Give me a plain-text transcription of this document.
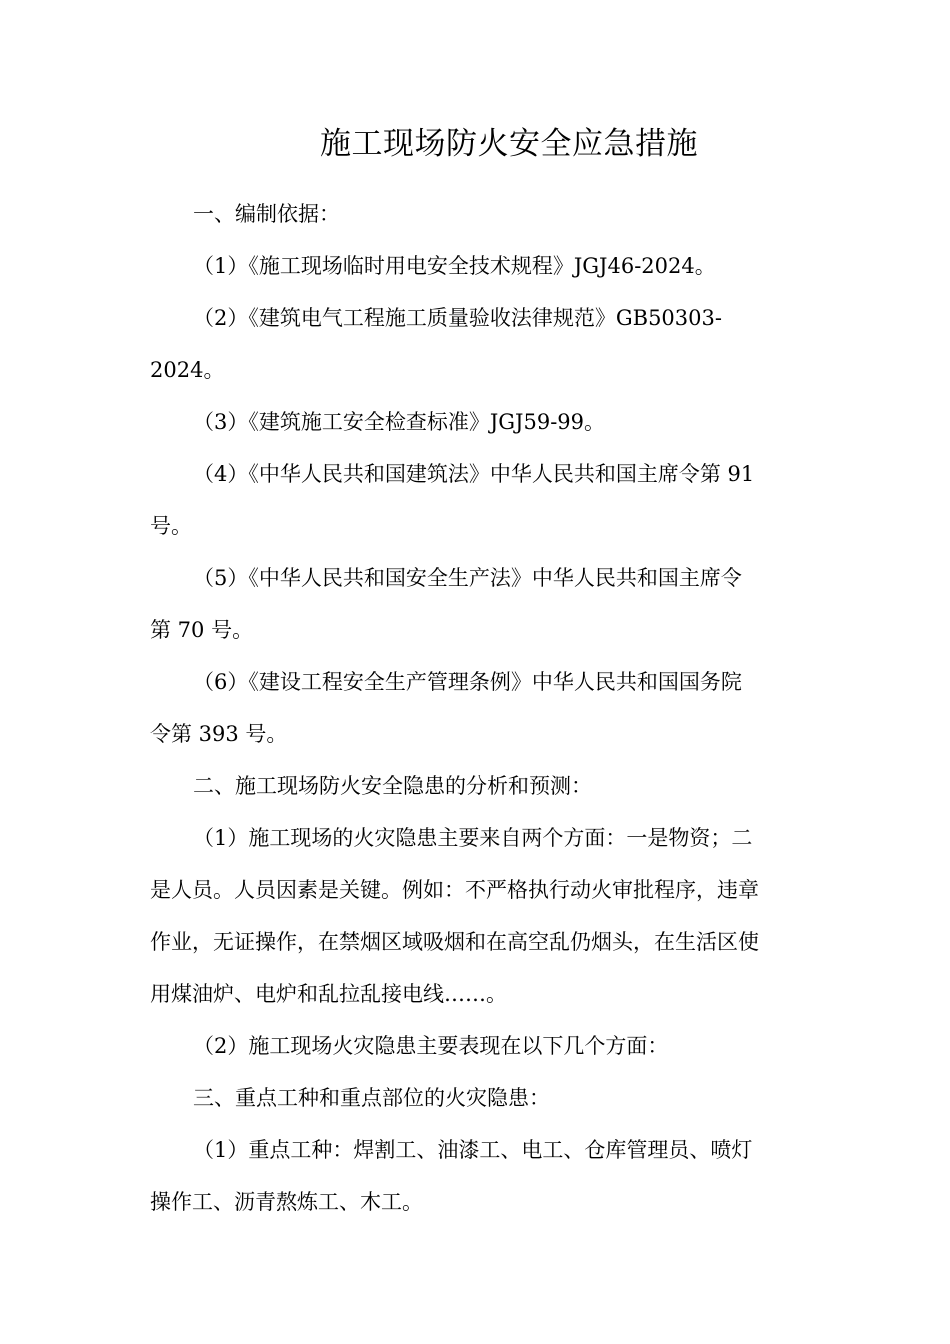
施工现场防火安全应急措施
一、编制依据：
（1）《施工现场临时用电安全技术规程》JGJ46-2024。
（2）《建筑电气工程施工质量验收法律规范》GB50303-
2024。
（3）《建筑施工安全检查标准》JGJ59-99。
（4）《中华人民共和国建筑法》中华人民共和国主席令第 91
号。
（5）《中华人民共和国安全生产法》中华人民共和国主席令
第 70 号。
（6）《建设工程安全生产管理条例》中华人民共和国国务院
令第 393 号。
二、施工现场防火安全隐患的分析和预测：
（1）施工现场的火灾隐患主要来自两个方面：一是物资；二
是人员。人员因素是关键。例如：不严格执行动火审批程序，违章
作业，无证操作，在禁烟区域吸烟和在高空乱仍烟头，在生活区使
用煤油炉、电炉和乱拉乱接电线……。
（2）施工现场火灾隐患主要表现在以下几个方面：
三、重点工种和重点部位的火灾隐患：
（1）重点工种：焊割工、油漆工、电工、仓库管理员、喷灯
操作工、沥青熬炼工、木工。
